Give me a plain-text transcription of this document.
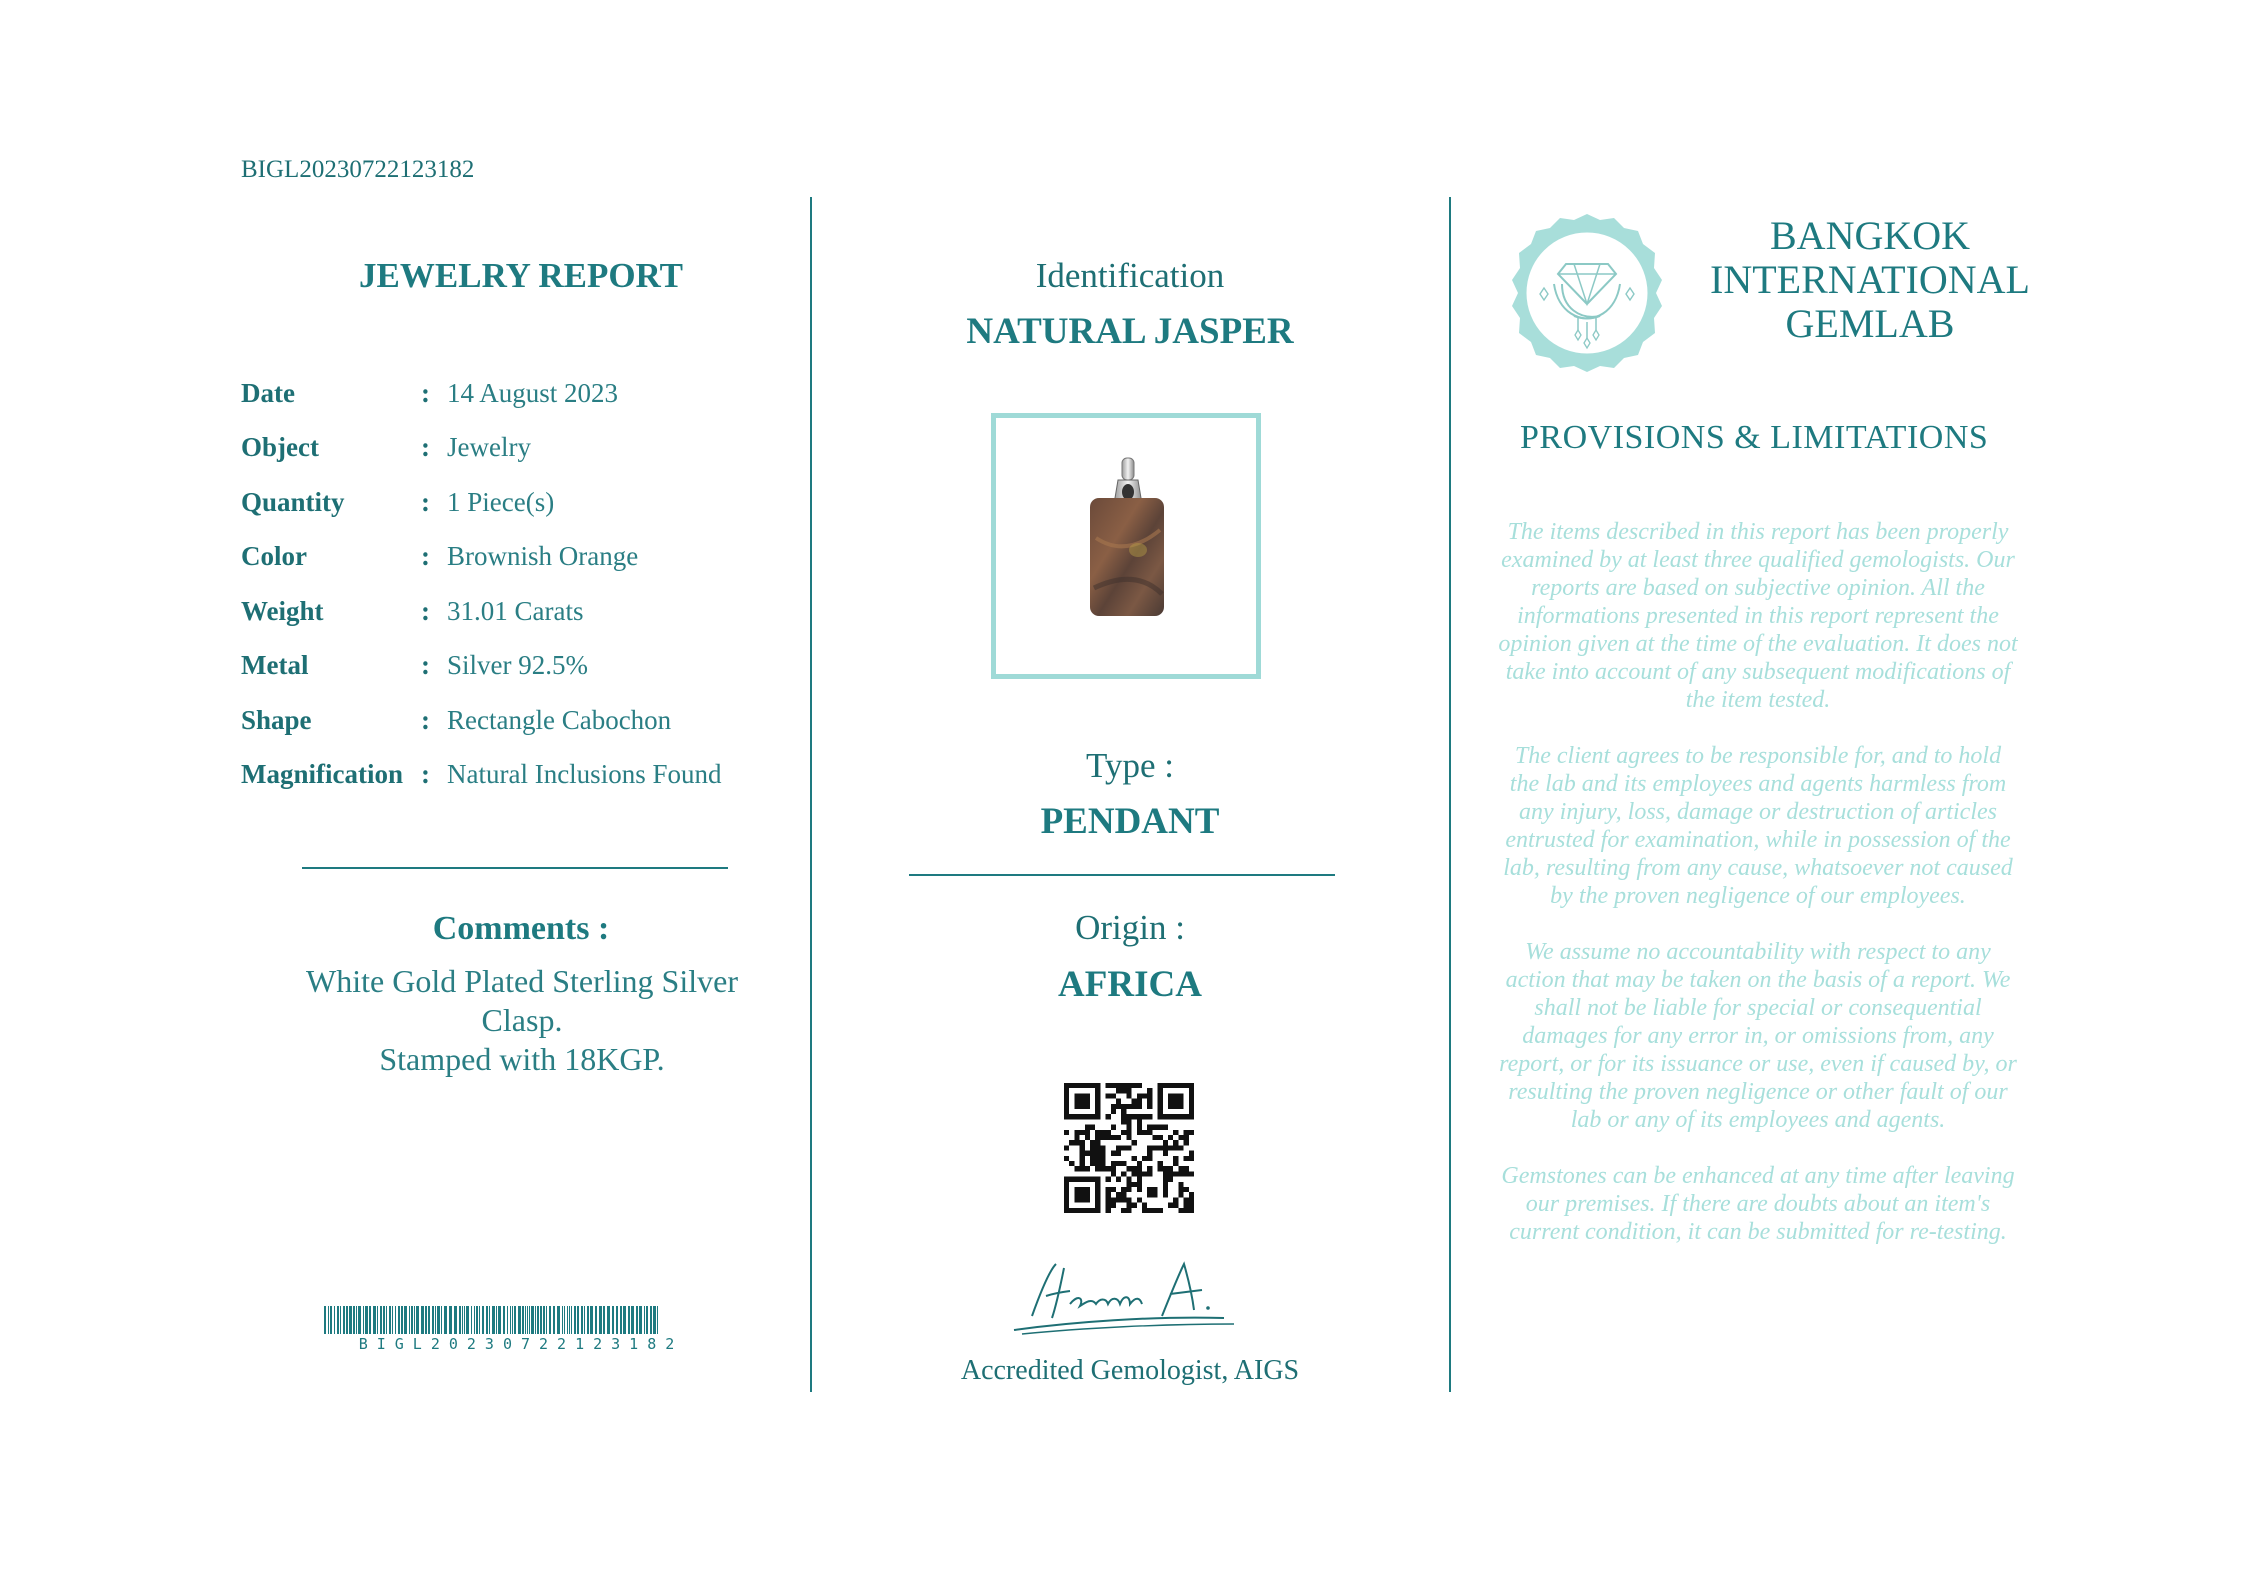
BIGL20230722123182
JEWELRY REPORT
Date	: 14 August 2023
Object	: Jewelry
Quantity	: 1 Piece(s)
Color	: Brownish Orange
Weight	: 31.01 Carats
Metal	: Silver 92.5%
Shape	: Rectangle Cabochon
Magnification : Natural Inclusions Found
Comments :
White Gold Plated Sterling Silver
Clasp.
Stamped with 18KGP.
BIGL20230722123182
Identification
NATURAL JASPER
Type :
PENDANT
Origin :
AFRICA
Accredited Gemologist, AIGS
BANGKOK
INTERNATIONAL
GEMLAB
PROVISIONS & LIMITATIONS

The items described in this report has been properly examined by at least three qualified gemologists. Our reports are based on subjective opinion. All the informations presented in this report represent the opinion given at the time of the evaluation. It does not take into account of any subsequent modifications of the item tested.

The client agrees to be responsible for, and to hold the lab and its employees and agents harmless from any injury, loss, damage or destruction of articles entrusted for examination, while in possession of the lab, resulting from any cause, whatsoever not caused by the proven negligence of our employees.

We assume no accountability with respect to any action that may be taken on the basis of a report. We shall not be liable for special or consequential damages for any error in, or omissions from, any report, or for its issuance or use, even if caused by, or resulting the proven negligence or other fault of our lab or any of its employees and agents.

Gemstones can be enhanced at any time after leaving our premises. If there are doubts about an item's current condition, it can be submitted for re-testing.
